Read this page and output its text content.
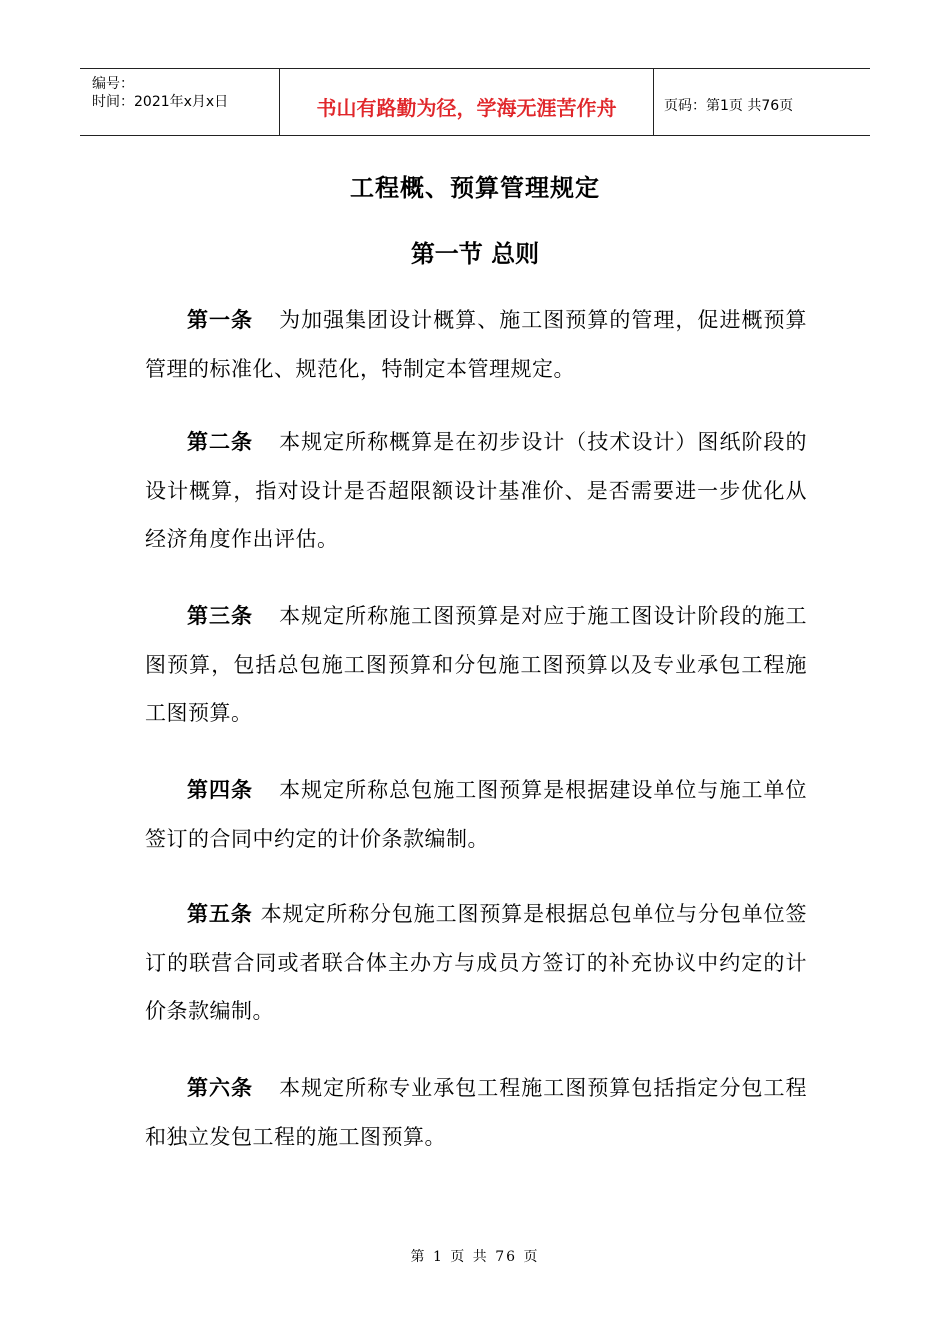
编号：
时间：2021年x月x日	书山有路勤为径，学海无涯苦作舟	页码：第1页 共76页
工程概、预算管理规定
第一节 总则

第一条 为加强集团设计概算、施工图预算的管理，促进概预算管理的标准化、规范化，特制定本管理规定。

第二条 本规定所称概算是在初步设计（技术设计）图纸阶段的设计概算，指对设计是否超限额设计基准价、是否需要进一步优化从经济角度作出评估。

第三条 本规定所称施工图预算是对应于施工图设计阶段的施工图预算，包括总包施工图预算和分包施工图预算以及专业承包工程施工图预算。

第四条 本规定所称总包施工图预算是根据建设单位与施工单位签订的合同中约定的计价条款编制。

第五条 本规定所称分包施工图预算是根据总包单位与分包单位签订的联营合同或者联合体主办方与成员方签订的补充协议中约定的计价条款编制。

第六条 本规定所称专业承包工程施工图预算包括指定分包工程和独立发包工程的施工图预算。

第 1 页 共 76 页
